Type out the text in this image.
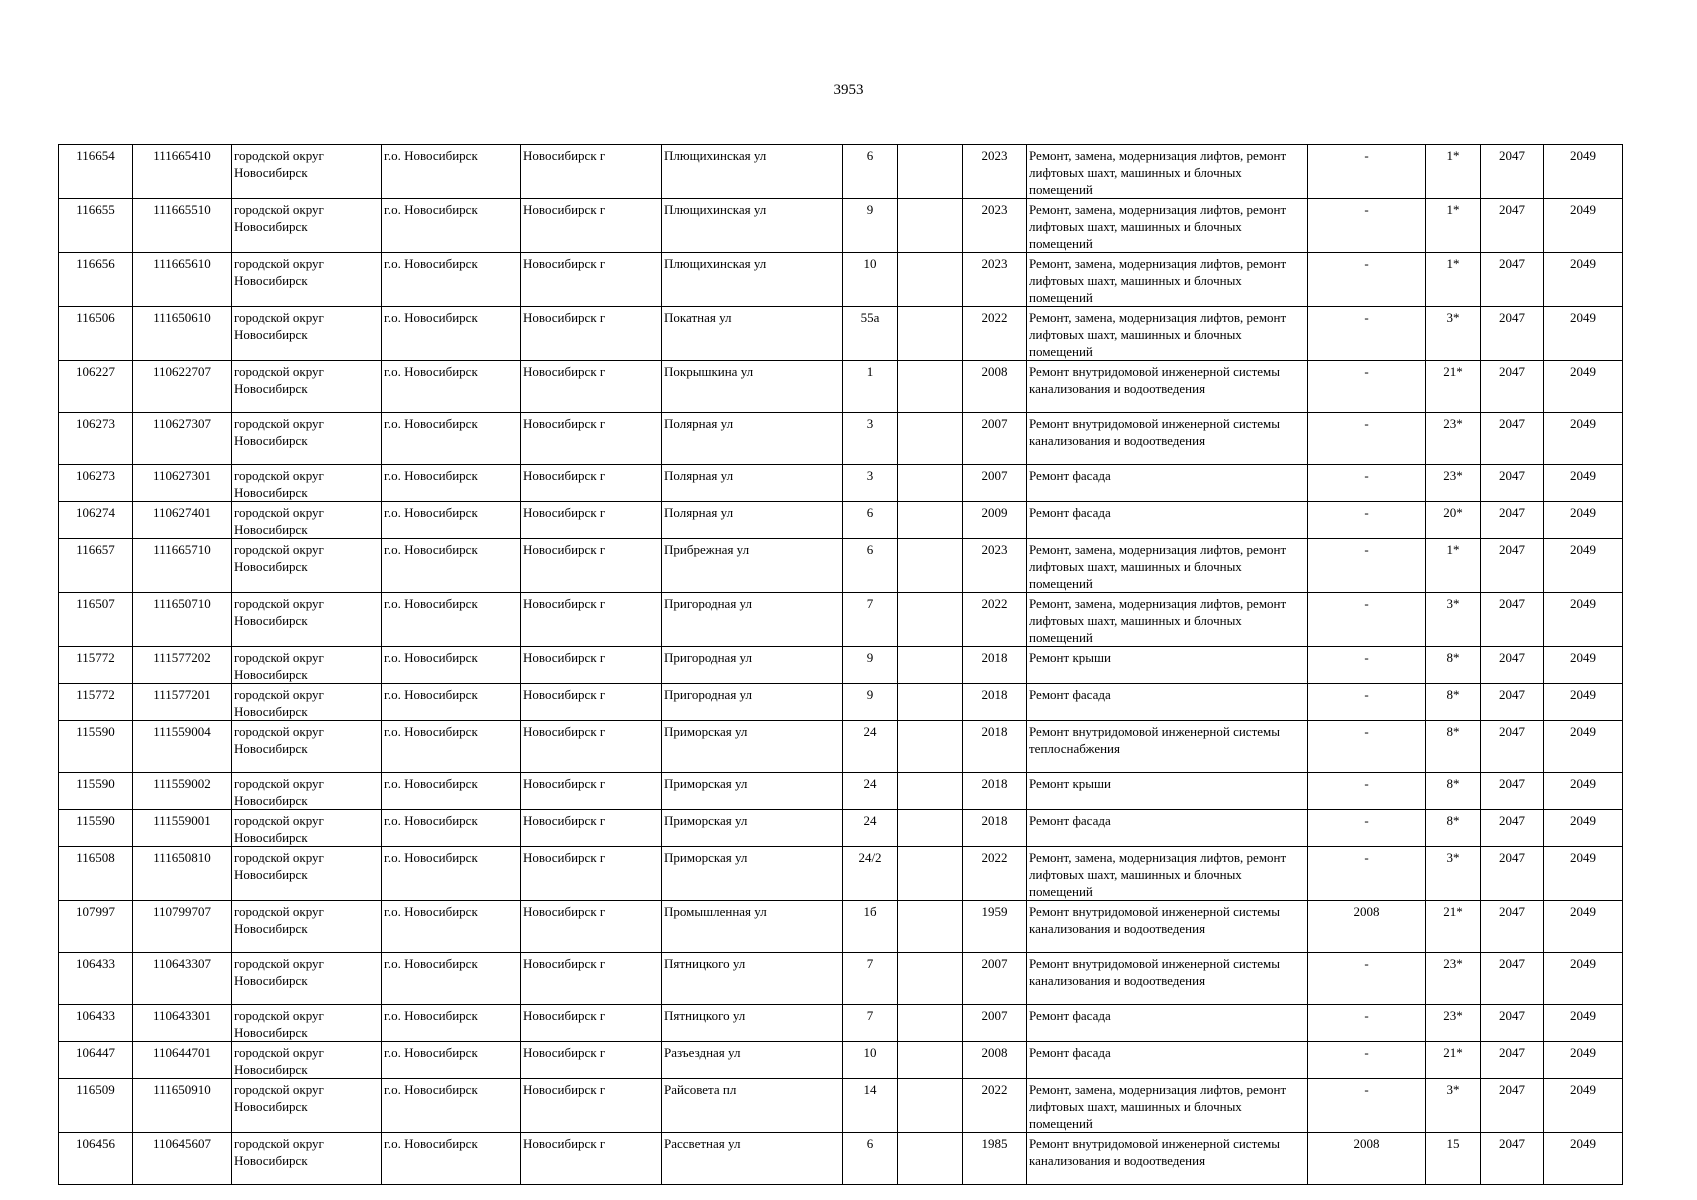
3953
116654	111665410	городской округ Новосибирск	г.о. Новосибирск	Новосибирск г	Плющихинская ул	6		2023	Ремонт, замена, модернизация лифтов, ремонт лифтовых шахт, машинных и блочных помещений	-	1*	2047	2049
116655	111665510	городской округ Новосибирск	г.о. Новосибирск	Новосибирск г	Плющихинская ул	9		2023	Ремонт, замена, модернизация лифтов, ремонт лифтовых шахт, машинных и блочных помещений	-	1*	2047	2049
116656	111665610	городской округ Новосибирск	г.о. Новосибирск	Новосибирск г	Плющихинская ул	10		2023	Ремонт, замена, модернизация лифтов, ремонт лифтовых шахт, машинных и блочных помещений	-	1*	2047	2049
116506	111650610	городской округ Новосибирск	г.о. Новосибирск	Новосибирск г	Покатная ул	55а		2022	Ремонт, замена, модернизация лифтов, ремонт лифтовых шахт, машинных и блочных помещений	-	3*	2047	2049
106227	110622707	городской округ Новосибирск	г.о. Новосибирск	Новосибирск г	Покрышкина ул	1		2008	Ремонт внутридомовой инженерной системы канализования и водоотведения	-	21*	2047	2049
106273	110627307	городской округ Новосибирск	г.о. Новосибирск	Новосибирск г	Полярная ул	3		2007	Ремонт внутридомовой инженерной системы канализования и водоотведения	-	23*	2047	2049
106273	110627301	городской округ Новосибирск	г.о. Новосибирск	Новосибирск г	Полярная ул	3		2007	Ремонт фасада	-	23*	2047	2049
106274	110627401	городской округ Новосибирск	г.о. Новосибирск	Новосибирск г	Полярная ул	6		2009	Ремонт фасада	-	20*	2047	2049
116657	111665710	городской округ Новосибирск	г.о. Новосибирск	Новосибирск г	Прибрежная ул	6		2023	Ремонт, замена, модернизация лифтов, ремонт лифтовых шахт, машинных и блочных помещений	-	1*	2047	2049
116507	111650710	городской округ Новосибирск	г.о. Новосибирск	Новосибирск г	Пригородная ул	7		2022	Ремонт, замена, модернизация лифтов, ремонт лифтовых шахт, машинных и блочных помещений	-	3*	2047	2049
115772	111577202	городской округ Новосибирск	г.о. Новосибирск	Новосибирск г	Пригородная ул	9		2018	Ремонт крыши	-	8*	2047	2049
115772	111577201	городской округ Новосибирск	г.о. Новосибирск	Новосибирск г	Пригородная ул	9		2018	Ремонт фасада	-	8*	2047	2049
115590	111559004	городской округ Новосибирск	г.о. Новосибирск	Новосибирск г	Приморская ул	24		2018	Ремонт внутридомовой инженерной системы теплоснабжения	-	8*	2047	2049
115590	111559002	городской округ Новосибирск	г.о. Новосибирск	Новосибирск г	Приморская ул	24		2018	Ремонт крыши	-	8*	2047	2049
115590	111559001	городской округ Новосибирск	г.о. Новосибирск	Новосибирск г	Приморская ул	24		2018	Ремонт фасада	-	8*	2047	2049
116508	111650810	городской округ Новосибирск	г.о. Новосибирск	Новосибирск г	Приморская ул	24/2		2022	Ремонт, замена, модернизация лифтов, ремонт лифтовых шахт, машинных и блочных помещений	-	3*	2047	2049
107997	110799707	городской округ Новосибирск	г.о. Новосибирск	Новосибирск г	Промышленная ул	1б		1959	Ремонт внутридомовой инженерной системы канализования и водоотведения	2008	21*	2047	2049
106433	110643307	городской округ Новосибирск	г.о. Новосибирск	Новосибирск г	Пятницкого ул	7		2007	Ремонт внутридомовой инженерной системы канализования и водоотведения	-	23*	2047	2049
106433	110643301	городской округ Новосибирск	г.о. Новосибирск	Новосибирск г	Пятницкого ул	7		2007	Ремонт фасада	-	23*	2047	2049
106447	110644701	городской округ Новосибирск	г.о. Новосибирск	Новосибирск г	Разъездная ул	10		2008	Ремонт фасада	-	21*	2047	2049
116509	111650910	городской округ Новосибирск	г.о. Новосибирск	Новосибирск г	Райсовета пл	14		2022	Ремонт, замена, модернизация лифтов, ремонт лифтовых шахт, машинных и блочных помещений	-	3*	2047	2049
106456	110645607	городской округ Новосибирск	г.о. Новосибирск	Новосибирск г	Рассветная ул	6		1985	Ремонт внутридомовой инженерной системы канализования и водоотведения	2008	15	2047	2049
